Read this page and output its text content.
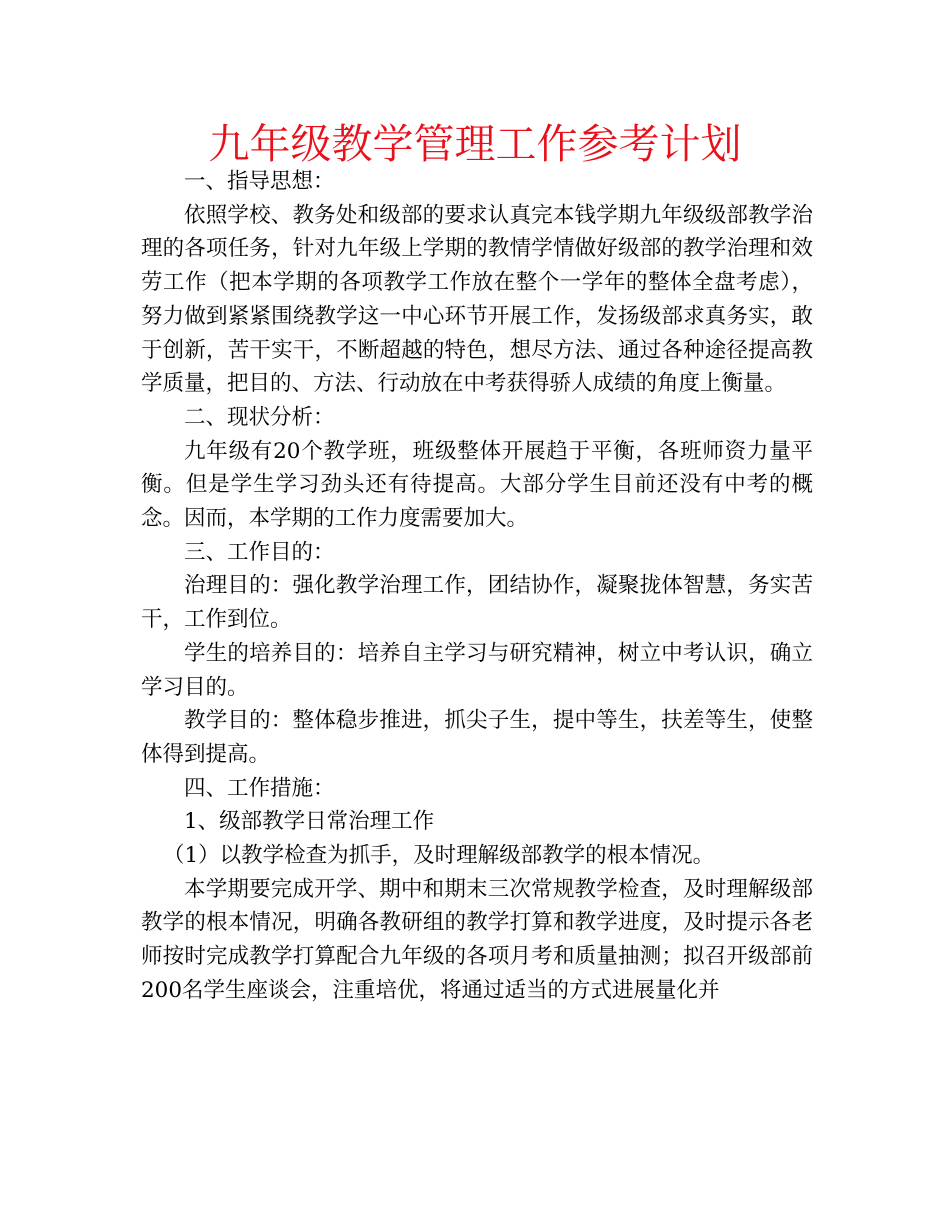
九年级教学管理工作参考计划

一、指导思想：

依照学校、教务处和级部的要求认真完本钱学期九年级级部教学治理的各项任务，针对九年级上学期的教情学情做好级部的教学治理和效劳工作（把本学期的各项教学工作放在整个一学年的整体全盘考虑），努力做到紧紧围绕教学这一中心环节开展工作，发扬级部求真务实，敢于创新，苦干实干，不断超越的特色，想尽方法、通过各种途径提高教学质量，把目的、方法、行动放在中考获得骄人成绩的角度上衡量。

二、现状分析：

九年级有20个教学班，班级整体开展趋于平衡，各班师资力量平衡。但是学生学习劲头还有待提高。大部分学生目前还没有中考的概念。因而，本学期的工作力度需要加大。

三、工作目的：

治理目的：强化教学治理工作，团结协作，凝聚拢体智慧，务实苦干，工作到位。

学生的培养目的：培养自主学习与研究精神，树立中考认识，确立学习目的。

教学目的：整体稳步推进，抓尖子生，提中等生，扶差等生，使整体得到提高。

四、工作措施：

1、级部教学日常治理工作

（1）以教学检查为抓手，及时理解级部教学的根本情况。

本学期要完成开学、期中和期末三次常规教学检查，及时理解级部教学的根本情况，明确各教研组的教学打算和教学进度，及时提示各老师按时完成教学打算配合九年级的各项月考和质量抽测；拟召开级部前200名学生座谈会，注重培优，将通过适当的方式进展量化并
